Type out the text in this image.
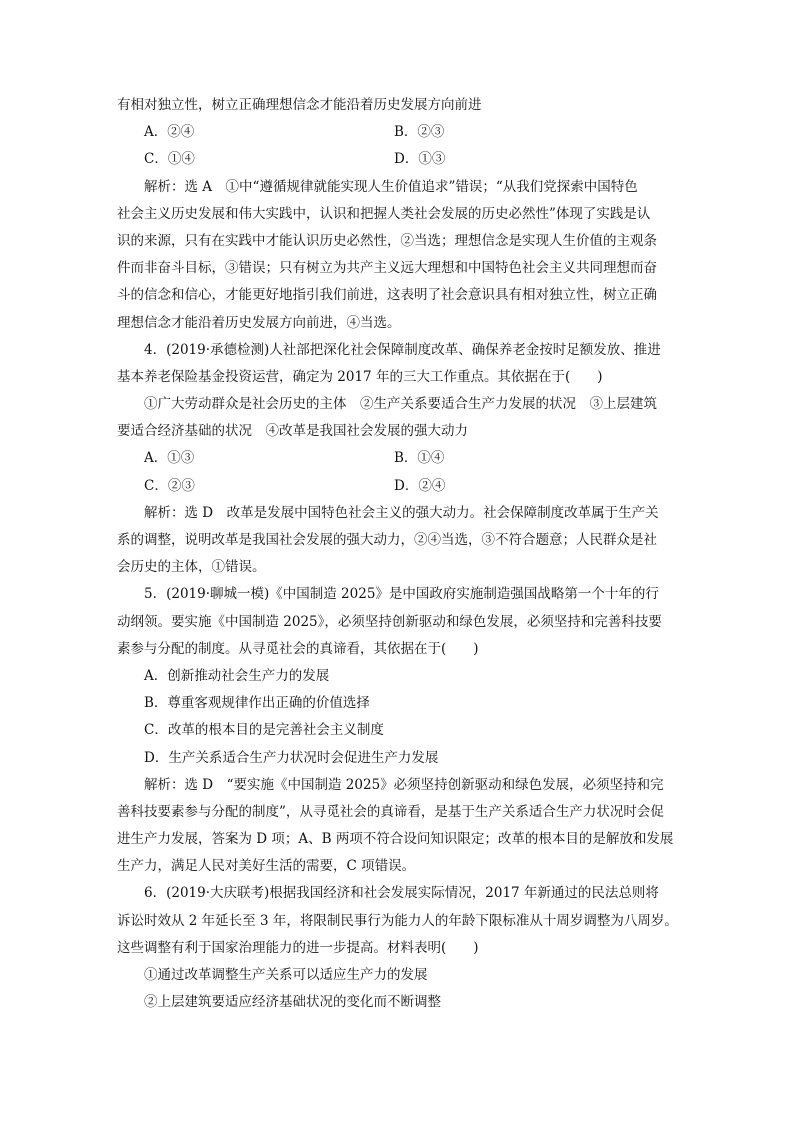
有相对独立性，树立正确理想信念才能沿着历史发展方向前进
A．②④	B．②③
C．①④	D．①③
解析：选 A　①中“遵循规律就能实现人生价值追求”错误；“从我们党探索中国特色
社会主义历史发展和伟大实践中，认识和把握人类社会发展的历史必然性”体现了实践是认
识的来源，只有在实践中才能认识历史必然性，②当选；理想信念是实现人生价值的主观条
件而非奋斗目标，③错误；只有树立为共产主义远大理想和中国特色社会主义共同理想而奋
斗的信念和信心，才能更好地指引我们前进，这表明了社会意识具有相对独立性，树立正确
理想信念才能沿着历史发展方向前进，④当选。
4．(2019·承德检测)人社部把深化社会保障制度改革、确保养老金按时足额发放、推进
基本养老保险基金投资运营，确定为 2017 年的三大工作重点。其依据在于(　　)
①广大劳动群众是社会历史的主体　②生产关系要适合生产力发展的状况　③上层建筑
要适合经济基础的状况　④改革是我国社会发展的强大动力
A．①③	B．①④
C．②③	D．②④
解析：选 D　改革是发展中国特色社会主义的强大动力。社会保障制度改革属于生产关
系的调整，说明改革是我国社会发展的强大动力，②④当选，③不符合题意；人民群众是社
会历史的主体，①错误。
5．(2019·聊城一模)《中国制造 2025》是中国政府实施制造强国战略第一个十年的行
动纲领。要实施《中国制造 2025》，必须坚持创新驱动和绿色发展，必须坚持和完善科技要
素参与分配的制度。从寻觅社会的真谛看，其依据在于(　　)
A．创新推动社会生产力的发展
B．尊重客观规律作出正确的价值选择
C．改革的根本目的是完善社会主义制度
D．生产关系适合生产力状况时会促进生产力发展
解析：选 D　“要实施《中国制造 2025》必须坚持创新驱动和绿色发展，必须坚持和完
善科技要素参与分配的制度”，从寻觅社会的真谛看，是基于生产关系适合生产力状况时会促
进生产力发展，答案为 D 项；A、B 两项不符合设问知识限定；改革的根本目的是解放和发展
生产力，满足人民对美好生活的需要，C 项错误。
6．(2019·大庆联考)根据我国经济和社会发展实际情况，2017 年新通过的民法总则将
诉讼时效从 2 年延长至 3 年，将限制民事行为能力人的年龄下限标准从十周岁调整为八周岁。
这些调整有利于国家治理能力的进一步提高。材料表明(　　)
①通过改革调整生产关系可以适应生产力的发展
②上层建筑要适应经济基础状况的变化而不断调整
